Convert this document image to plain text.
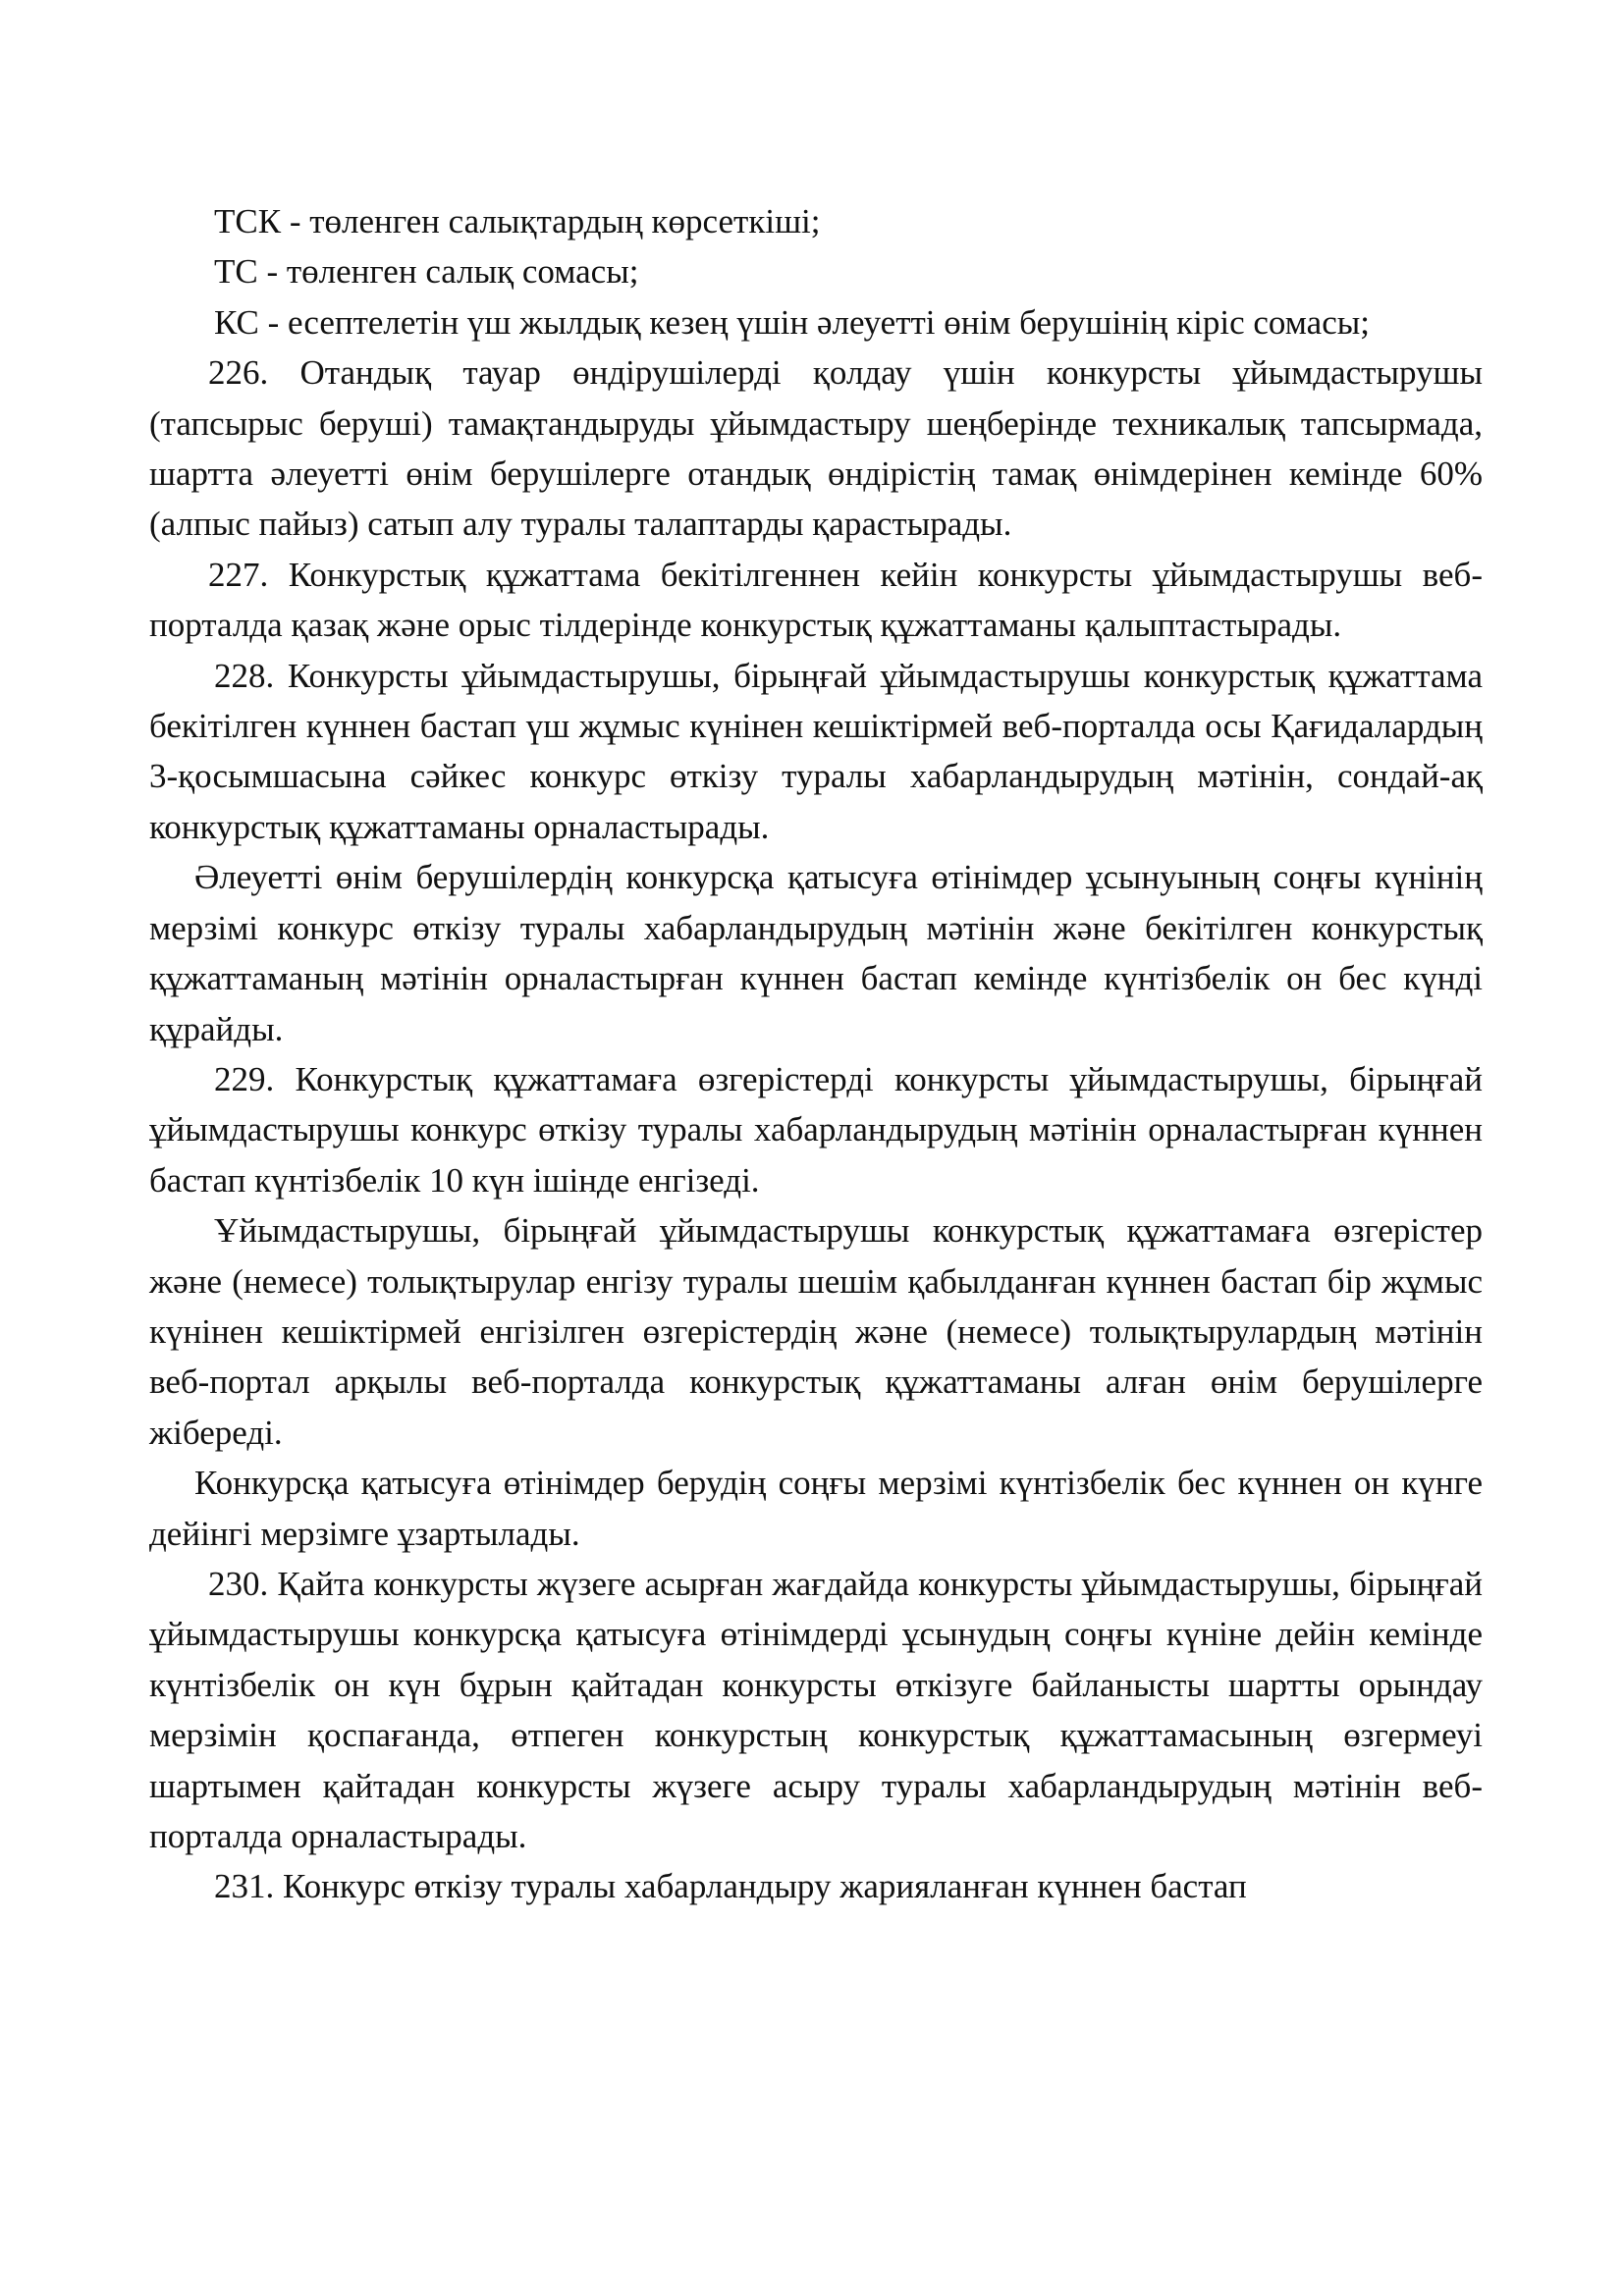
ТСК - төленген салықтардың көрсеткіші;

ТС - төленген салық сомасы;

КС - есептелетін үш жылдық кезең үшін әлеуетті өнім берушінің кіріс сомасы;

226. Отандық тауар өндірушілерді қолдау үшін конкурсты ұйымдастырушы (тапсырыс беруші) тамақтандыруды ұйымдастыру шеңберінде техникалық тапсырмада, шартта әлеуетті өнім берушілерге отандық өндірістің тамақ өнімдерінен кемінде 60% (алпыс пайыз) сатып алу туралы талаптарды қарастырады.

227. Конкурстық құжаттама бекітілгеннен кейін конкурсты ұйымдастырушы веб-порталда қазақ және орыс тілдерінде конкурстық құжаттаманы қалыптастырады.

228. Конкурсты ұйымдастырушы, бірыңғай ұйымдастырушы конкурстық құжаттама бекітілген күннен бастап үш жұмыс күнінен кешіктірмей веб-порталда осы Қағидалардың 3-қосымшасына сәйкес конкурс өткізу туралы хабарландырудың мәтінін, сондай-ақ конкурстық құжаттаманы орналастырады.

Әлеуетті өнім берушілердің конкурсқа қатысуға өтінімдер ұсынуының соңғы күнінің мерзімі конкурс өткізу туралы хабарландырудың мәтінін және бекітілген конкурстық құжаттаманың мәтінін орналастырған күннен бастап кемінде күнтізбелік он бес күнді құрайды.

229. Конкурстық құжаттамаға өзгерістерді конкурсты ұйымдастырушы, бірыңғай ұйымдастырушы конкурс өткізу туралы хабарландырудың мәтінін орналастырған күннен бастап күнтізбелік 10 күн ішінде енгізеді.

Ұйымдастырушы, бірыңғай ұйымдастырушы конкурстық құжаттамаға өзгерістер және (немесе) толықтырулар енгізу туралы шешім қабылданған күннен бастап бір жұмыс күнінен кешіктірмей енгізілген өзгерістердің және (немесе) толықтырулардың мәтінін веб-портал арқылы веб-порталда конкурстық құжаттаманы алған өнім берушілерге жібереді.

Конкурсқа қатысуға өтінімдер берудің соңғы мерзімі күнтізбелік бес күннен он күнге дейінгі мерзімге ұзартылады.

230. Қайта конкурсты жүзеге асырған жағдайда конкурсты ұйымдастырушы, бірыңғай ұйымдастырушы конкурсқа қатысуға өтінімдерді ұсынудың соңғы күніне дейін кемінде күнтізбелік он күн бұрын қайтадан конкурсты өткізуге байланысты шартты орындау мерзімін қоспағанда, өтпеген конкурстың конкурстық құжаттамасының өзгермеуі шартымен қайтадан конкурсты жүзеге асыру туралы хабарландырудың мәтінін веб-порталда орналастырады.

231. Конкурс өткізу туралы хабарландыру жарияланған күннен бастап
